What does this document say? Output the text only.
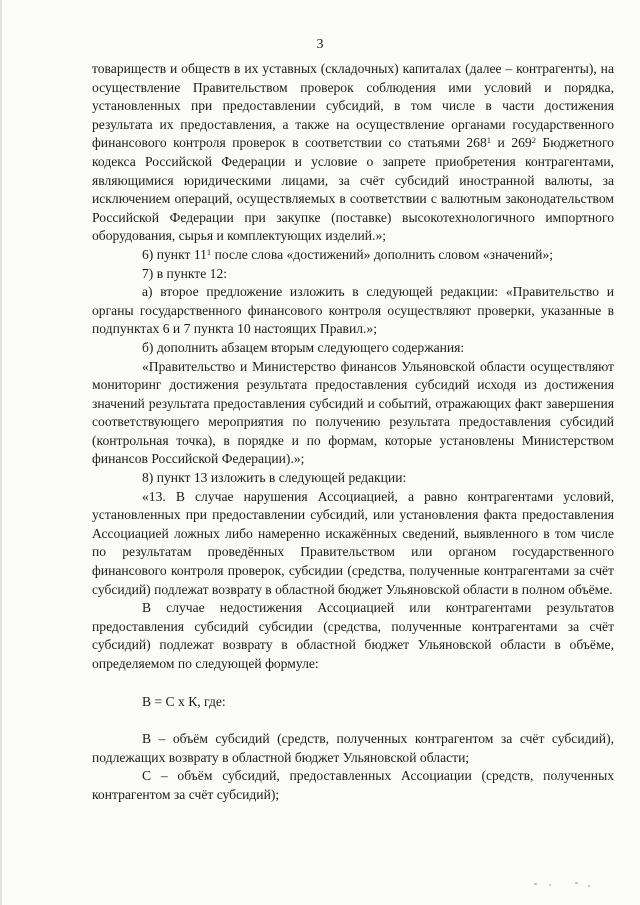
3
товариществ и обществ в их уставных (складочных) капиталах (далее – контрагенты), на осуществление Правительством проверок соблюдения ими условий и порядка, установленных при предоставлении субсидий, в том числе в части достижения результата их предоставления, а также на осуществление органами государственного финансового контроля проверок в соответствии со статьями $268^1$ и $269^2$ Бюджетного кодекса Российской Федерации и условие о запрете приобретения контрагентами, являющимися юридическими лицами, за счёт субсидий иностранной валюты, за исключением операций, осуществляемых в соответствии с валютным законодательством Российской Федерации при закупке (поставке) высокотехнологичного импортного оборудования, сырья и комплектующих изделий.»;
6) пункт $11^1$ после слова «достижений» дополнить словом «значений»;
7) в пункте 12:
а) второе предложение изложить в следующей редакции: «Правительство и органы государственного финансового контроля осуществляют проверки, указанные в подпунктах 6 и 7 пункта 10 настоящих Правил.»;
б) дополнить абзацем вторым следующего содержания:
«Правительство и Министерство финансов Ульяновской области осуществляют мониторинг достижения результата предоставления субсидий исходя из достижения значений результата предоставления субсидий и событий, отражающих факт завершения соответствующего мероприятия по получению результата предоставления субсидий (контрольная точка), в порядке и по формам, которые установлены Министерством финансов Российской Федерации).»;
8) пункт 13 изложить в следующей редакции:
«13. В случае нарушения Ассоциацией, а равно контрагентами условий, установленных при предоставлении субсидий, или установления факта предоставления Ассоциацией ложных либо намеренно искажённых сведений, выявленного в том числе по результатам проведённых Правительством или органом государственного финансового контроля проверок, субсидии (средства, полученные контрагентами за счёт субсидий) подлежат возврату в областной бюджет Ульяновской области в полном объёме.
В случае недостижения Ассоциацией или контрагентами результатов предоставления субсидий субсидии (средства, полученные контрагентами за счёт субсидий) подлежат возврату в областной бюджет Ульяновской области в объёме, определяемом по следующей формуле:
В = С х К, где:
В – объём субсидий (средств, полученных контрагентом за счёт субсидий), подлежащих возврату в областной бюджет Ульяновской области;
С – объём субсидий, предоставленных Ассоциации (средств, полученных контрагентом за счёт субсидий);
